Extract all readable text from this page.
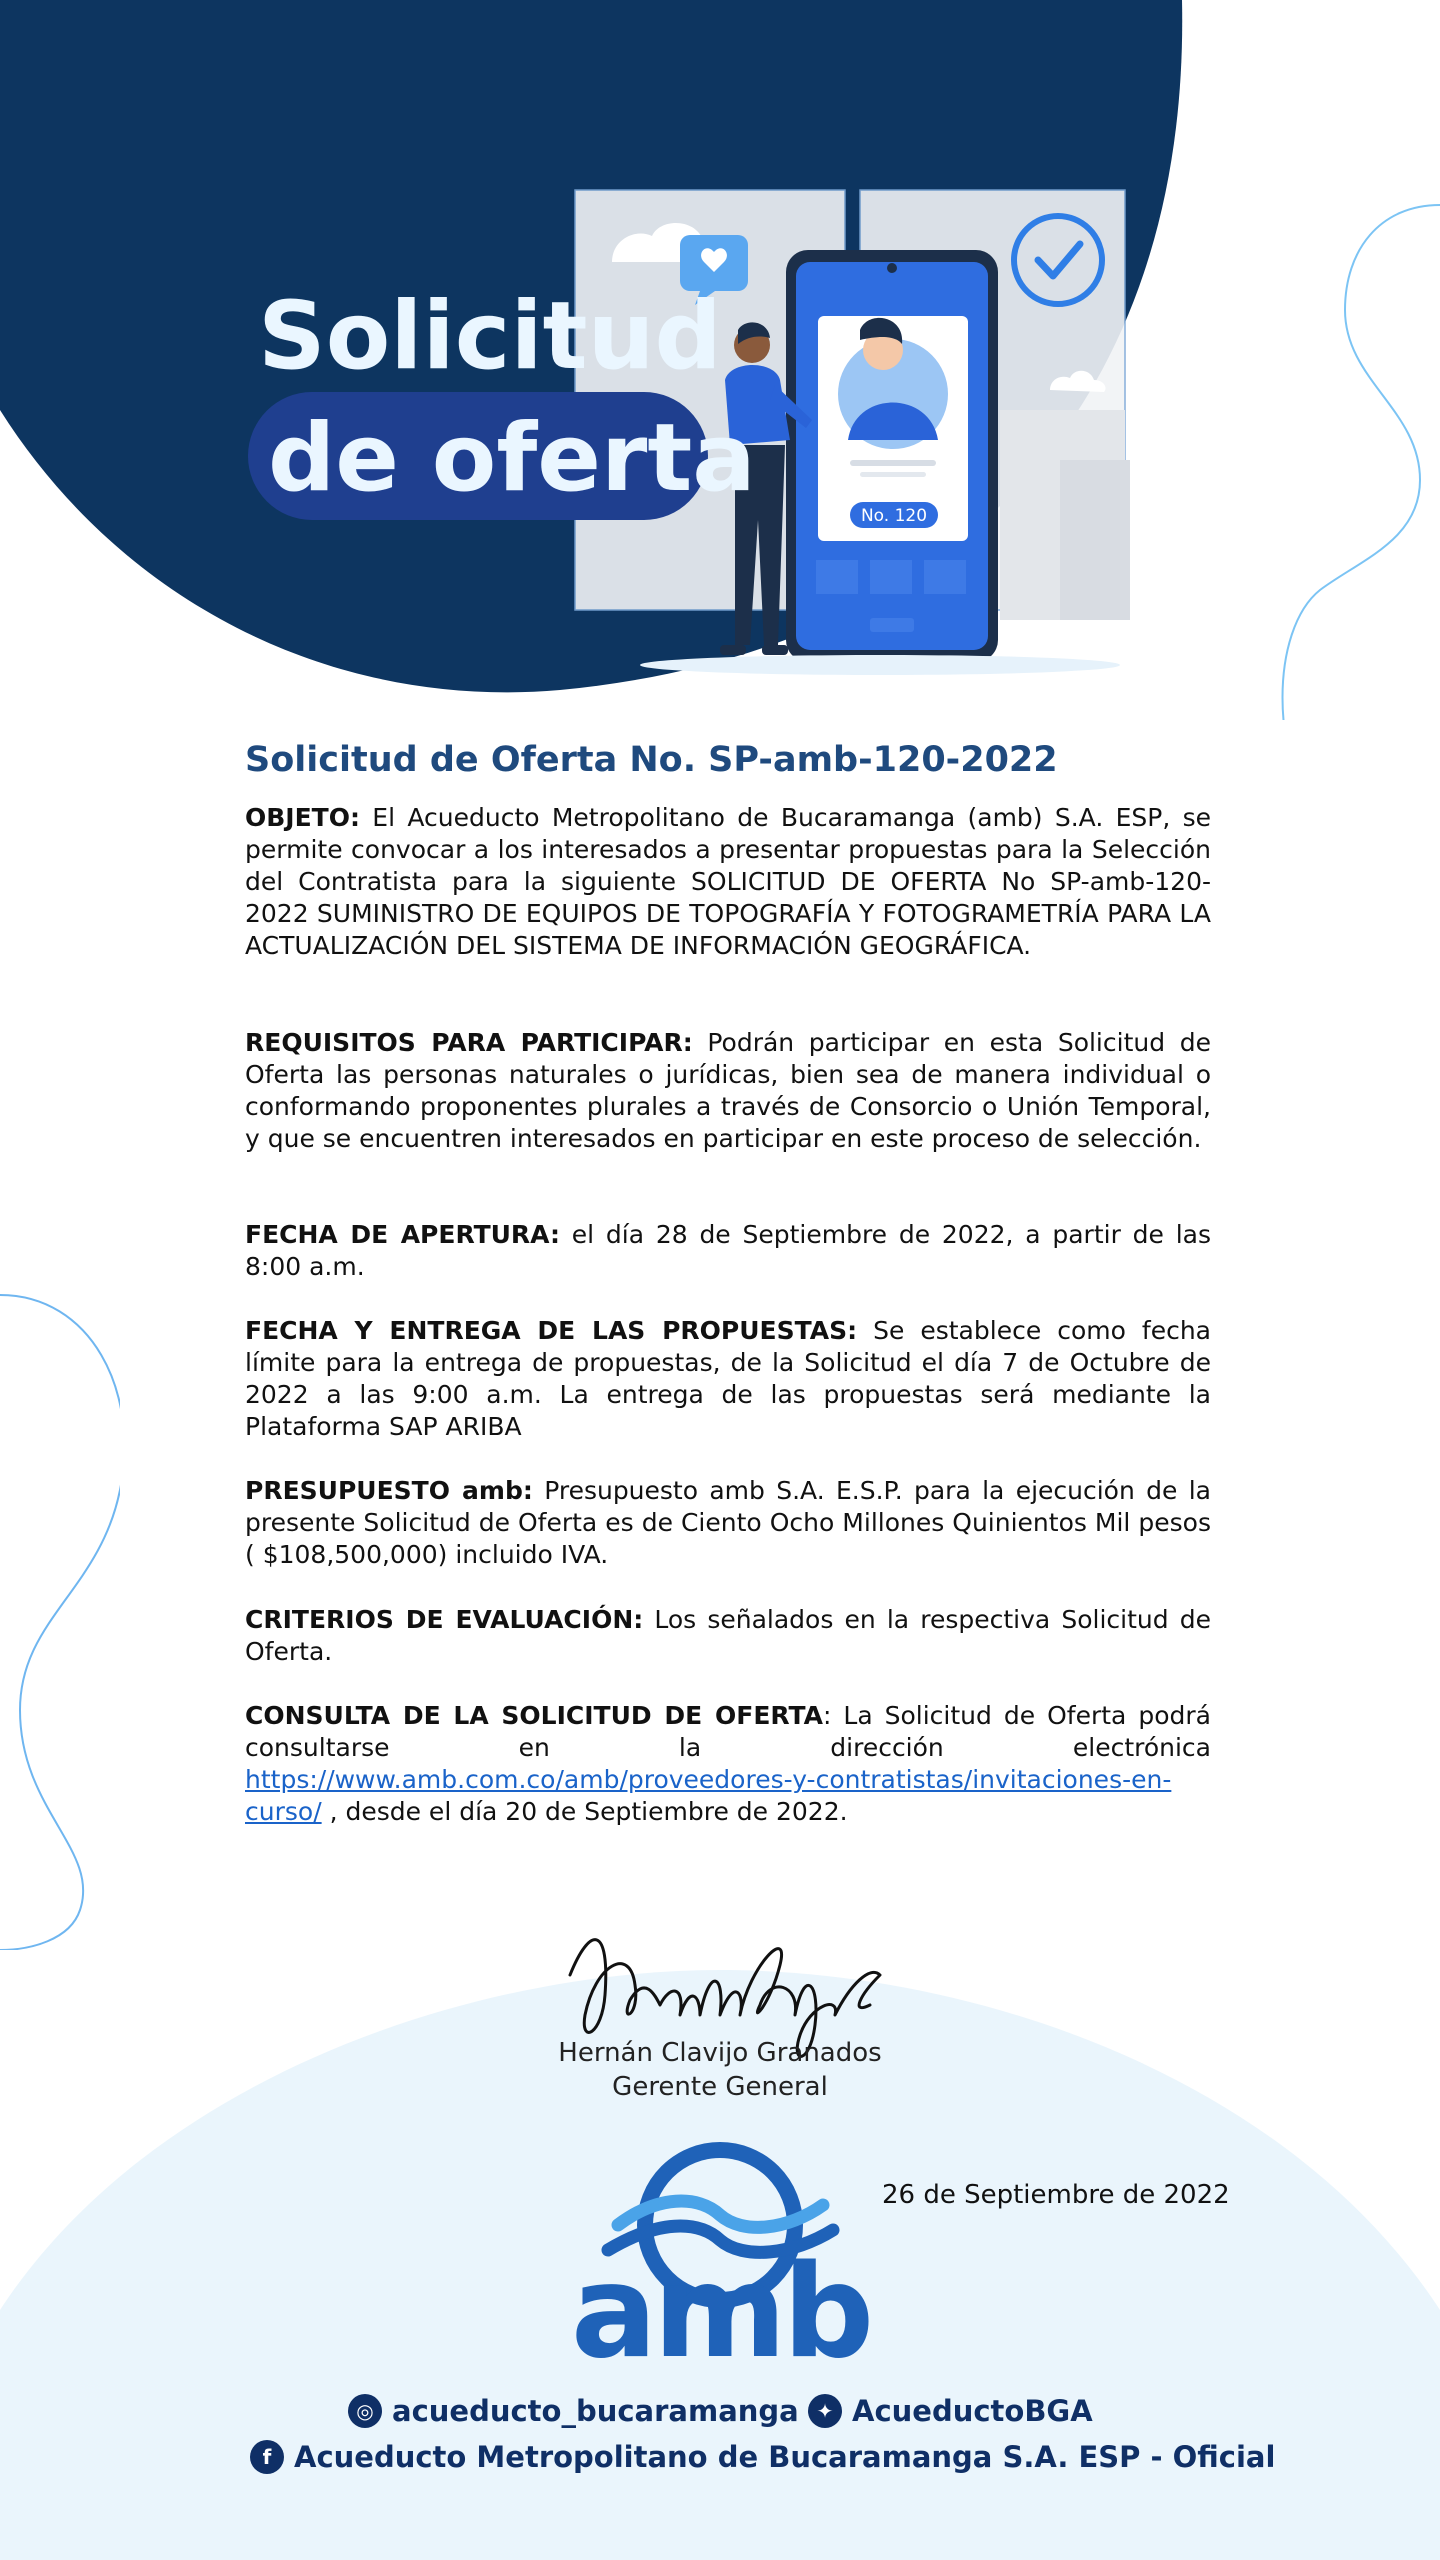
No. 120
Solicitud
de oferta
Solicitud de Oferta No. SP-amb-120-2022
OBJETO: El Acueducto Metropolitano de Bucaramanga (amb) S.A. ESP, se permite convocar a los interesados a presentar propuestas para la Selección del Contratista para la siguiente SOLICITUD DE OFERTA No SP-amb-120-2022 SUMINISTRO DE EQUIPOS DE TOPOGRAFÍA Y FOTOGRAMETRÍA PARA LA ACTUALIZACIÓN DEL SISTEMA DE INFORMACIÓN GEOGRÁFICA.
REQUISITOS PARA PARTICIPAR: Podrán participar en esta Solicitud de Oferta las personas naturales o jurídicas, bien sea de manera individual o conformando proponentes plurales a través de Consorcio o Unión Temporal, y que se encuentren interesados en participar en este proceso de selección.
FECHA DE APERTURA: el día 28 de Septiembre de 2022, a partir de las 8:00 a.m.
FECHA Y ENTREGA DE LAS PROPUESTAS: Se establece como fecha límite para la entrega de propuestas, de la Solicitud el día 7 de Octubre de 2022 a las 9:00 a.m. La entrega de las propuestas será mediante la Plataforma SAP ARIBA
PRESUPUESTO amb: Presupuesto amb S.A. E.S.P. para la ejecución de la presente Solicitud de Oferta es de Ciento Ocho Millones Quinientos Mil pesos ( $108,500,000) incluido IVA.
CRITERIOS DE EVALUACIÓN: Los señalados en la respectiva Solicitud de Oferta.
CONSULTA DE LA SOLICITUD DE OFERTA: La Solicitud de Oferta podrá consultarse en la dirección electrónica https://www.amb.com.co/amb/proveedores-y-contratistas/invitaciones-en-curso/ , desde el día 20 de Septiembre de 2022.
Hernán Clavijo Granados
Gerente General
26 de Septiembre de 2022
amb
◎ acueducto_bucaramanga ✦ AcueductoBGA
f Acueducto Metropolitano de Bucaramanga S.A. ESP - Oficial
